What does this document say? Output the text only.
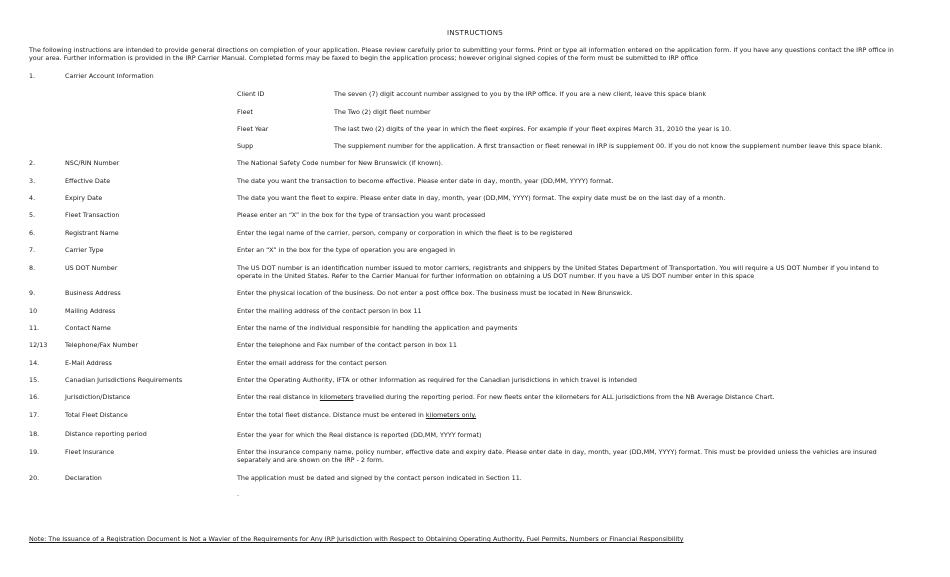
INSTRUCTIONS
The following instructions are intended to provide general directions on completion of your application. Please review carefully prior to submitting your forms. Print or type all information entered on the application form. If you have any questions contact the IRP office in your area. Further information is provided in the IRP Carrier Manual. Completed forms may be faxed to begin the application process; however original signed copies of the form must be submitted to IRP office
1.	Carrier Account Information
Client ID	The seven (7) digit account number assigned to you by the IRP office. If you are a new client, leave this space blank
Fleet	The Two (2) digit fleet number
Fleet Year	The last two (2) digits of the year in which the fleet expires. For example if your fleet expires March 31, 2010 the year is 10.
Supp	The supplement number for the application. A first transaction or fleet renewal in IRP is supplement 00. If you do not know the supplement number leave this space blank.
2.	NSC/RIN Number	The National Safety Code number for New Brunswick (if known).
3.	Effective Date	The date you want the transaction to become effective. Please enter date in day, month, year (DD,MM, YYYY) format.
4.	Expiry Date	The date you want the fleet to expire. Please enter date in day, month, year (DD,MM, YYYY) format. The expiry date must be on the last day of a month.
5.	Fleet Transaction	Please enter an “X” in the box for the type of transaction you want processed
6.	Registrant Name	Enter the legal name of the carrier, person, company or corporation in which the fleet is to be registered
7.	Carrier Type	Enter an “X” in the box for the type of operation you are engaged in
8.	US DOT Number	The US DOT number is an identification number issued to motor carriers, registrants and shippers by the United States Department of Transportation. You will require a US DOT Number if you intend to operate in the United States. Refer to the Carrier Manual for further information on obtaining a US DOT number. If you have a US DOT number enter in this space
9.	Business Address	Enter the physical location of the business. Do not enter a post office box. The business must be located in New Brunswick.
10	Mailing Address	Enter the mailing address of the contact person in box 11
11.	Contact Name	Enter the name of the individual responsible for handling the application and payments
12/13	Telephone/Fax Number	Enter the telephone and Fax number of the contact person in box 11
14.	E-Mail Address	Enter the email address for the contact person
15.	Canadian Jurisdictions Requirements	Enter the Operating Authority, IFTA or other Information as required for the Canadian jurisdictions in which travel is intended
16.	Jurisdiction/Distance	Enter the real distance in kilometers travelled during the reporting period. For new fleets enter the kilometers for ALL jurisdictions from the NB Average Distance Chart.
17.	Total Fleet Distance	Enter the total fleet distance. Distance must be entered in kilometers only.
18.	Distance reporting period	Enter the year for which the Real distance is reported (DD,MM, YYYY format)
19.	Fleet Insurance	Enter the insurance company name, policy number, effective date and expiry date. Please enter date in day, month, year (DD,MM, YYYY) format. This must be provided unless the vehicles are insured separately and are shown on the IRP - 2 form.
20.	Declaration	The application must be dated and signed by the contact person indicated in Section 11.
.
Note: The Issuance of a Registration Document Is Not a Wavier of the Requirements for Any IRP Jurisdiction with Respect to Obtaining Operating Authority, Fuel Permits, Numbers or Financial Responsibility
